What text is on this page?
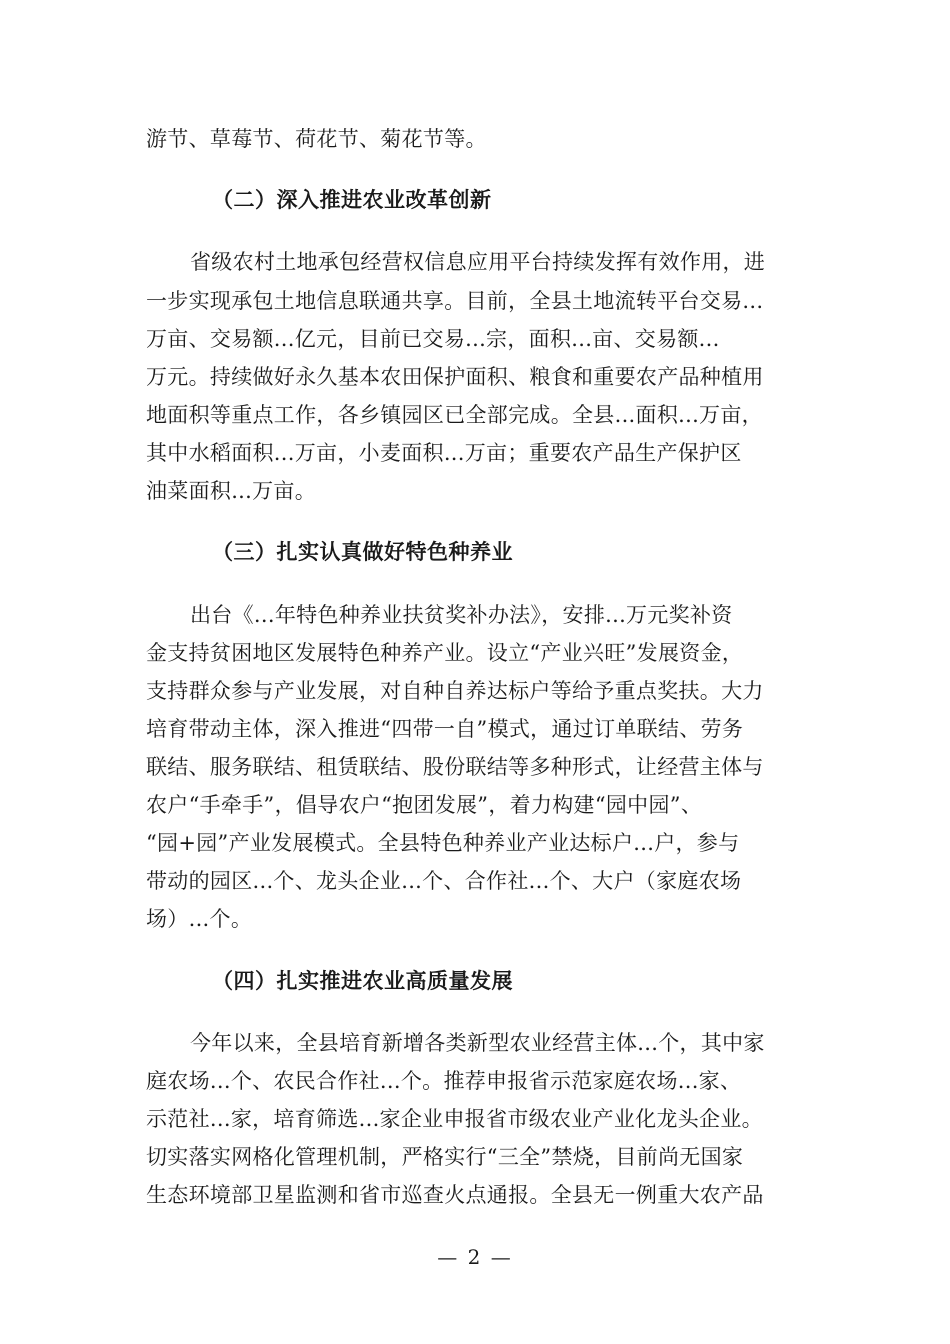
游节、草莓节、荷花节、菊花节等。
（二）深入推进农业改革创新
省级农村土地承包经营权信息应用平台持续发挥有效作用，进
一步实现承包土地信息联通共享。目前，全县土地流转平台交易...
万亩、交易额...亿元，目前已交易...宗，面积...亩、交易额...
万元。持续做好永久基本农田保护面积、粮食和重要农产品种植用
地面积等重点工作，各乡镇园区已全部完成。全县...面积...万亩，
其中水稻面积...万亩，小麦面积...万亩；重要农产品生产保护区
油菜面积...万亩。
（三）扎实认真做好特色种养业
出台《...年特色种养业扶贫奖补办法》，安排...万元奖补资
金支持贫困地区发展特色种养产业。设立“产业兴旺”发展资金，
支持群众参与产业发展，对自种自养达标户等给予重点奖扶。大力
培育带动主体，深入推进“四带一自”模式，通过订单联结、劳务
联结、服务联结、租赁联结、股份联结等多种形式，让经营主体与
农户“手牵手”，倡导农户“抱团发展”，着力构建“园中园”、
“园+园”产业发展模式。全县特色种养业产业达标户...户，参与
带动的园区...个、龙头企业...个、合作社...个、大户（家庭农场
场）...个。
（四）扎实推进农业高质量发展
今年以来，全县培育新增各类新型农业经营主体...个，其中家
庭农场...个、农民合作社...个。推荐申报省示范家庭农场...家、
示范社...家，培育筛选...家企业申报省市级农业产业化龙头企业。
切实落实网格化管理机制，严格实行“三全”禁烧，目前尚无国家
生态环境部卫星监测和省市巡查火点通报。全县无一例重大农产品
— 2 —
